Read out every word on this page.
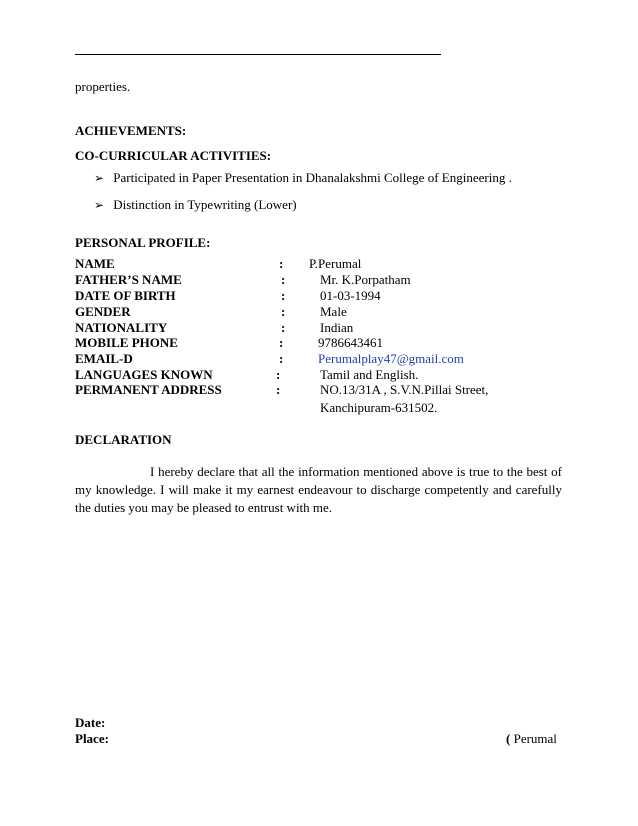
properties.
ACHIEVEMENTS:
CO-CURRICULAR ACTIVITIES:
➢ Participated in Paper Presentation in Dhanalakshmi College of Engineering .
➢ Distinction in Typewriting (Lower)
PERSONAL PROFILE:
NAME	: P.Perumal
FATHER’S NAME	:	Mr. K.Porpatham
DATE OF BIRTH	:	01-03-1994
GENDER	:	Male
NATIONALITY	:	Indian
MOBILE PHONE	:	9786643461
EMAIL-D	:	Perumalplay47@gmail.com
LANGUAGES KNOWN	:	Tamil and English.
PERMANENT ADDRESS	:	NO.13/31A , S.V.N.Pillai Street,
Kanchipuram-631502.
DECLARATION
I hereby declare that all the information mentioned above is true to the best of my knowledge. I will make it my earnest endeavour to discharge competently and carefully the duties you may be pleased to entrust with me.
Date:
Place:	( Perumal
